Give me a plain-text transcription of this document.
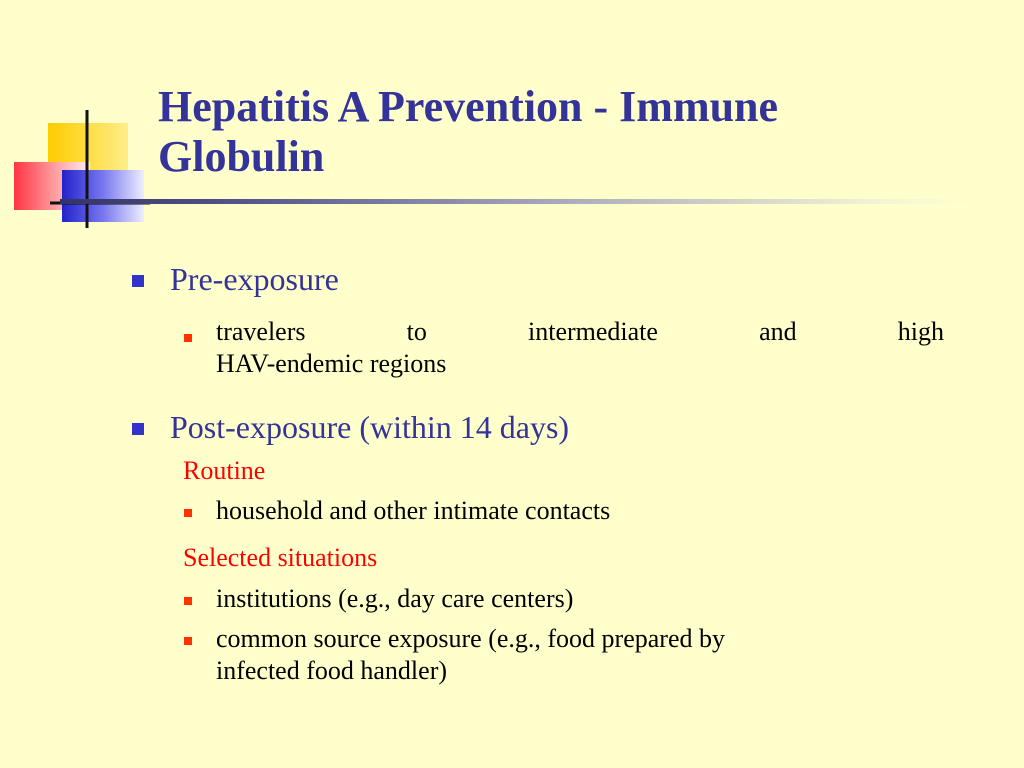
Hepatitis A Prevention - Immune
Globulin
Pre-exposure
travelers	to	intermediate	and	high
HAV-endemic regions
Post-exposure (within 14 days)
Routine
household and other intimate contacts
Selected situations
institutions (e.g., day care centers)
common source exposure (e.g., food prepared by
infected food handler)
